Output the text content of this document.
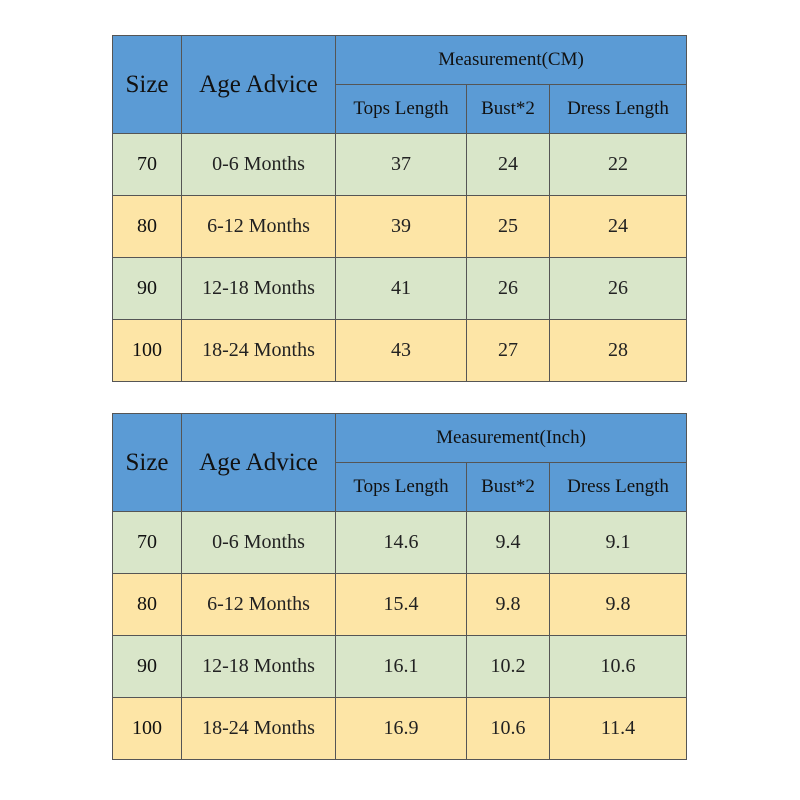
Size	Age Advice	Measurement(CM)		
		Tops Length	Bust*2	Dress Length
70	0-6 Months	37	24	22
80	6-12 Months	39	25	24
90	12-18 Months	41	26	26
100	18-24 Months	43	27	28
Size	Age Advice	Measurement(Inch)		
		Tops Length	Bust*2	Dress Length
70	0-6 Months	14.6	9.4	9.1
80	6-12 Months	15.4	9.8	9.8
90	12-18 Months	16.1	10.2	10.6
100	18-24 Months	16.9	10.6	11.4
